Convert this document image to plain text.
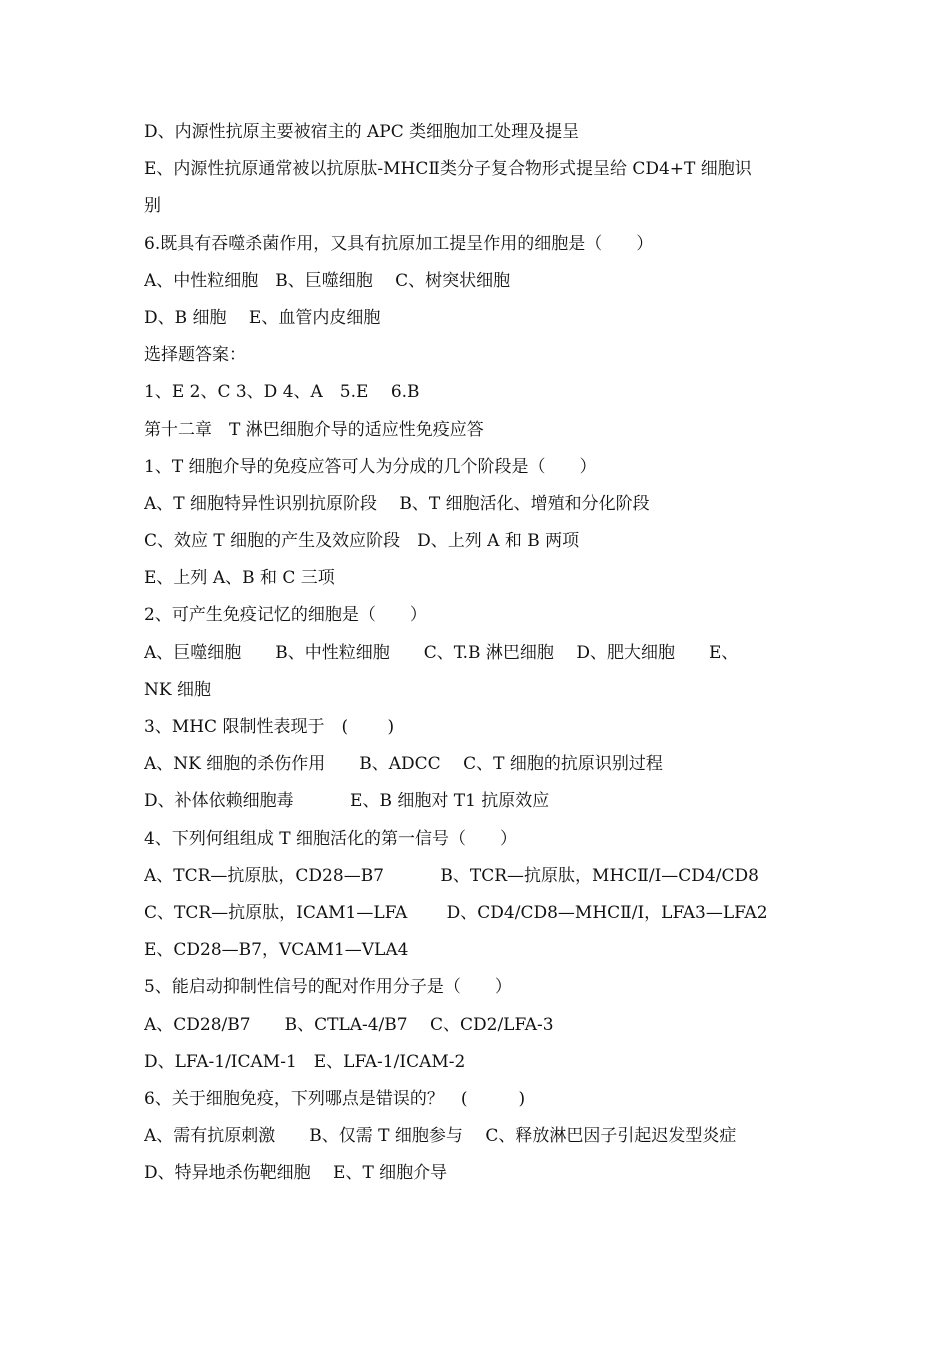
D、内源性抗原主要被宿主的 APC 类细胞加工处理及提呈
E、内源性抗原通常被以抗原肽-MHCⅡ类分子复合物形式提呈给 CD4+T 细胞识
别
6.既具有吞噬杀菌作用，又具有抗原加工提呈作用的细胞是（　　）
A、中性粒细胞　B、巨噬细胞　 C、树突状细胞
D、B 细胞　 E、血管内皮细胞
选择题答案：
1、E 2、C 3、D 4、A　5.E　 6.B
第十二章　T 淋巴细胞介导的适应性免疫应答
1、T 细胞介导的免疫应答可人为分成的几个阶段是（　　）
A、T 细胞特异性识别抗原阶段　 B、T 细胞活化、增殖和分化阶段
C、效应 T 细胞的产生及效应阶段　D、上列 A 和 B 两项
E、上列 A、B 和 C 三项
2、可产生免疫记忆的细胞是（　　）
A、巨噬细胞　　B、中性粒细胞　　C、T.B 淋巴细胞　 D、肥大细胞　　E、
NK 细胞
3、MHC 限制性表现于　(　　 )
A、NK 细胞的杀伤作用　　B、ADCC　 C、T 细胞的抗原识别过程
D、补体依赖细胞毒　　　 E、B 细胞对 T1 抗原效应
4、下列何组组成 T 细胞活化的第一信号（　　）
A、TCR—抗原肽，CD28—B7　　　 B、TCR—抗原肽，MHCⅡ/Ⅰ—CD4/CD8
C、TCR—抗原肽，ICAM1—LFA　　 D、CD4/CD8—MHCⅡ/Ⅰ，LFA3—LFA2
E、CD28—B7，VCAM1—VLA4
5、能启动抑制性信号的配对作用分子是（　　）
A、CD28/B7　　B、CTLA-4/B7　 C、CD2/LFA-3
D、LFA-1/ICAM-1　E、LFA-1/ICAM-2
6、关于细胞免疫，下列哪点是错误的？　(　　　)
A、需有抗原刺激　　B、仅需 T 细胞参与　 C、释放淋巴因子引起迟发型炎症
D、特异地杀伤靶细胞　 E、T 细胞介导
